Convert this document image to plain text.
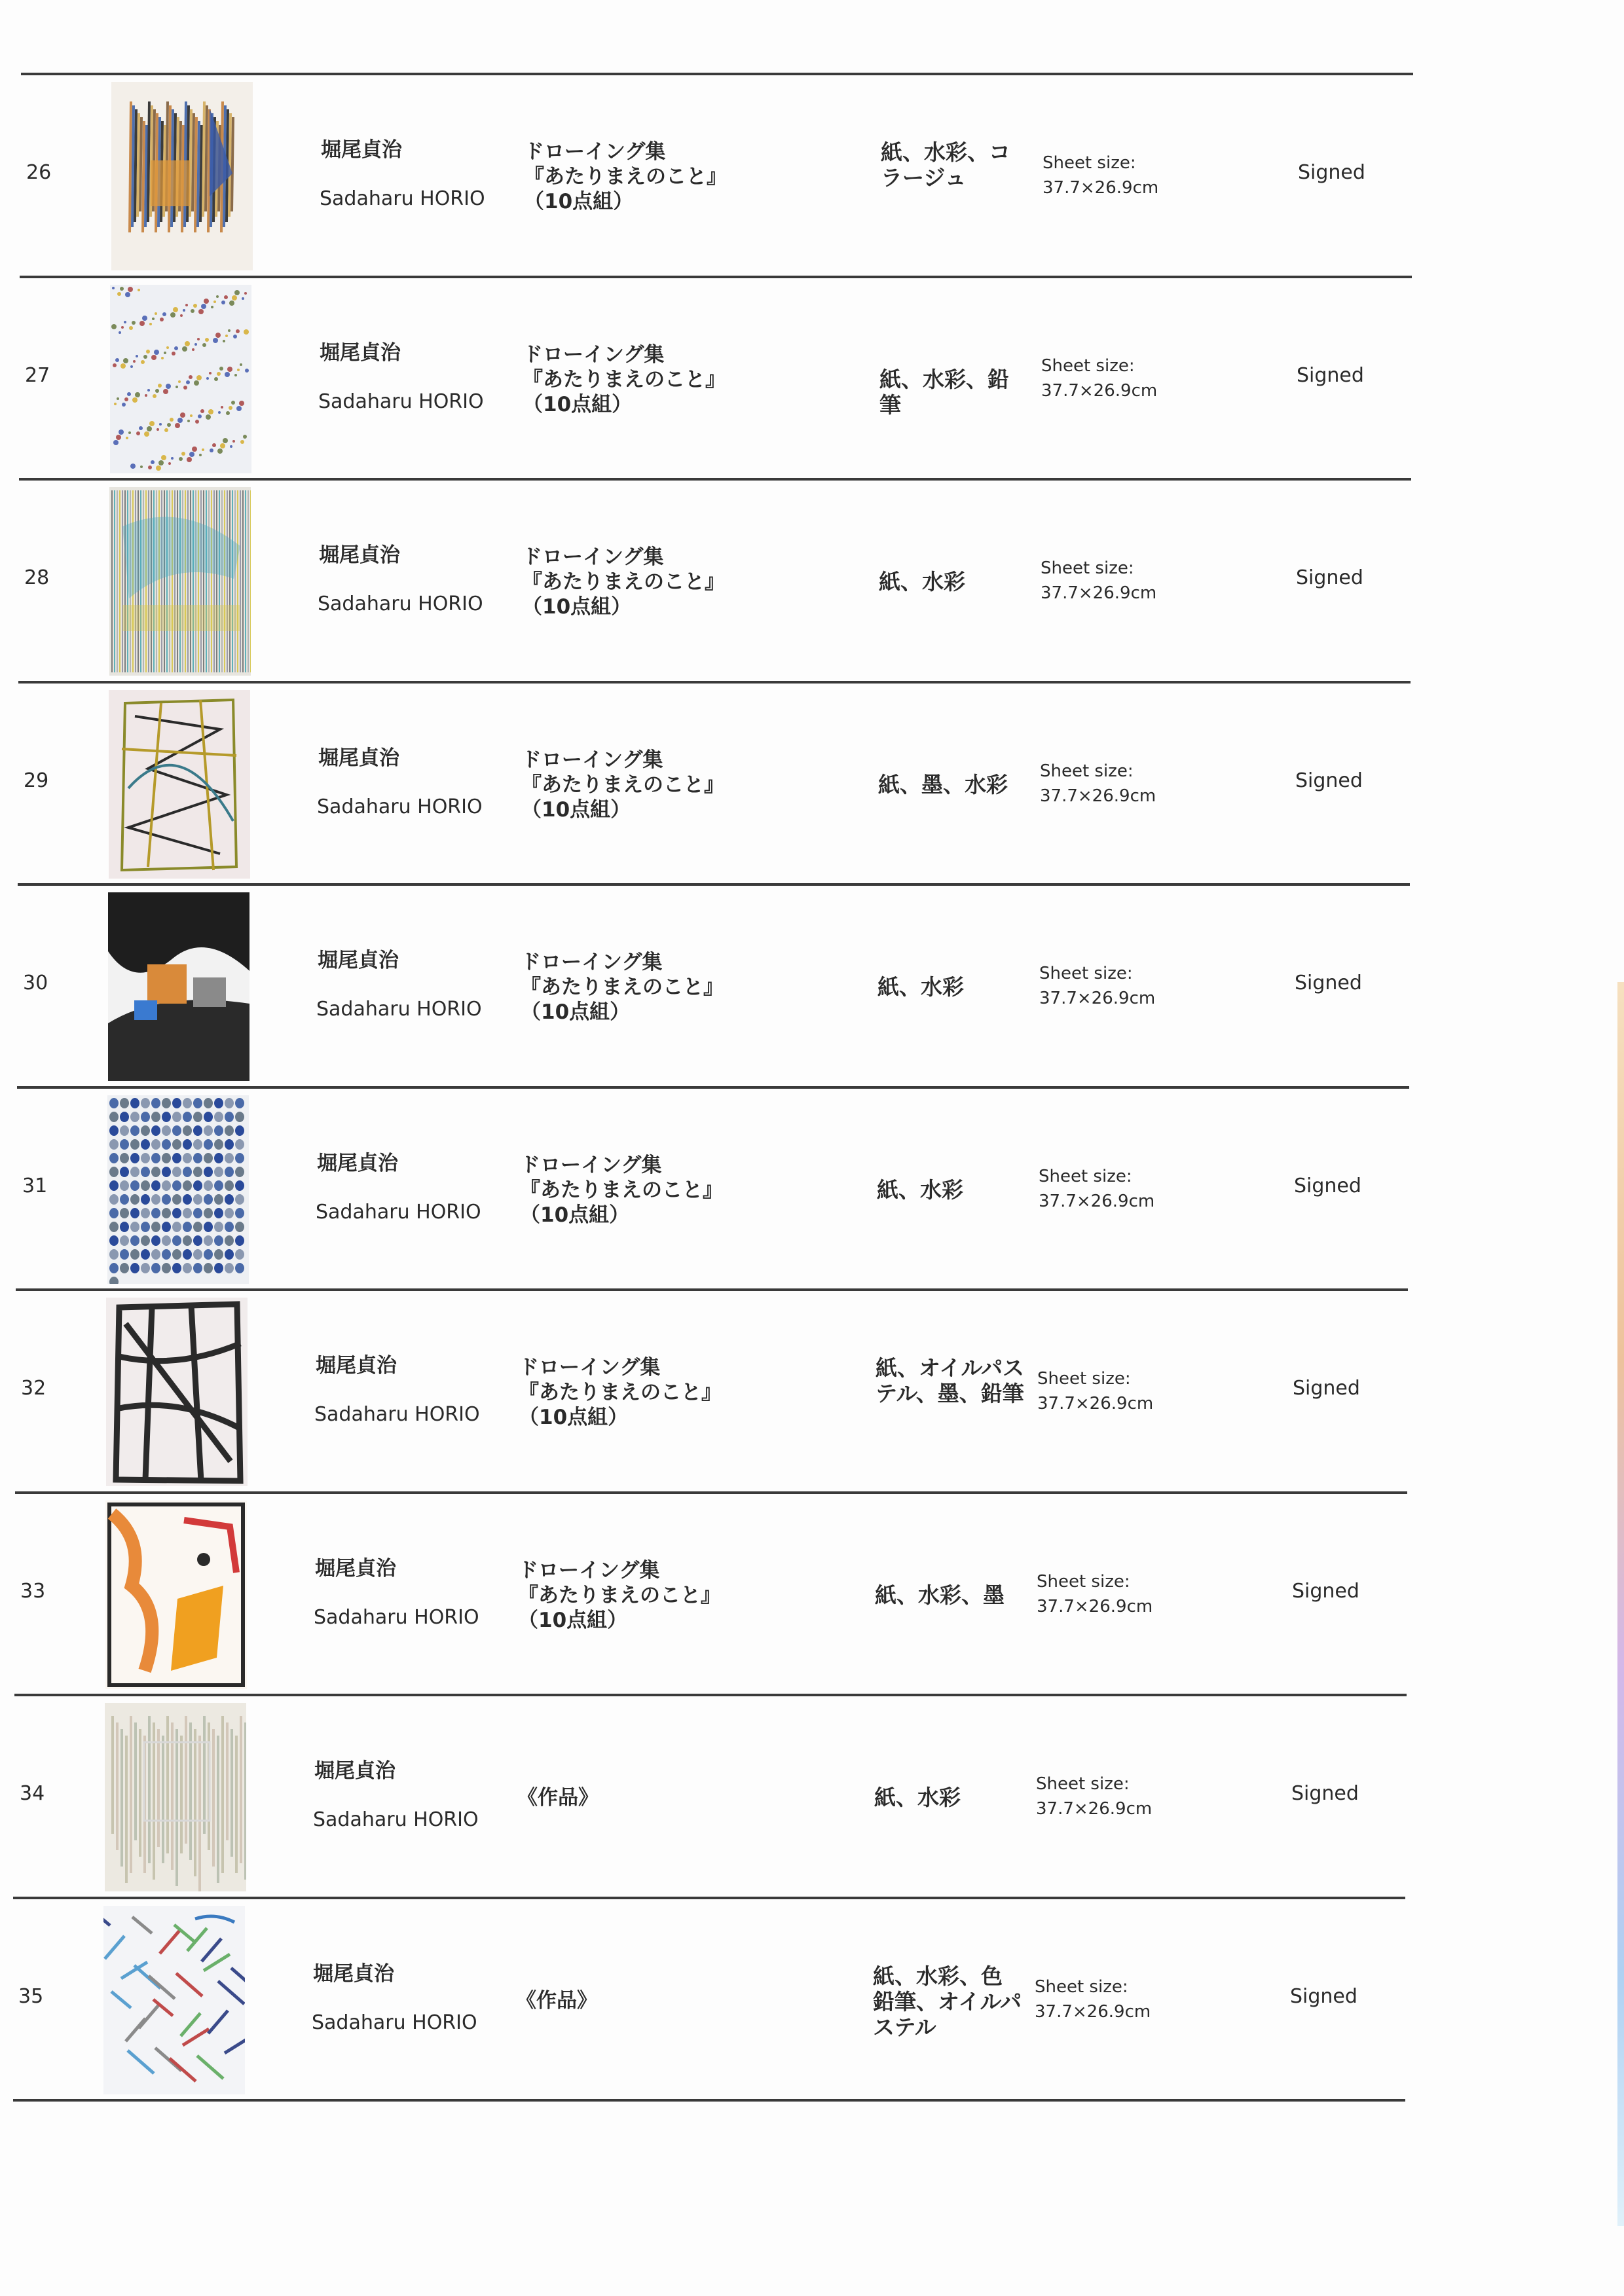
26
堀尾貞治
Sadaharu HORIO
ドローイング集
『あたりまえのこと』
（10点組）
紙、水彩、コラージュ
Sheet size:
37.7×26.9cm
Signed
27
堀尾貞治
Sadaharu HORIO
ドローイング集
『あたりまえのこと』
（10点組）
紙、水彩、鉛筆
Sheet size:
37.7×26.9cm
Signed
28
堀尾貞治
Sadaharu HORIO
ドローイング集
『あたりまえのこと』
（10点組）
紙、水彩
Sheet size:
37.7×26.9cm
Signed
29
堀尾貞治
Sadaharu HORIO
ドローイング集
『あたりまえのこと』
（10点組）
紙、墨、水彩
Sheet size:
37.7×26.9cm
Signed
30
堀尾貞治
Sadaharu HORIO
ドローイング集
『あたりまえのこと』
（10点組）
紙、水彩
Sheet size:
37.7×26.9cm
Signed
31
堀尾貞治
Sadaharu HORIO
ドローイング集
『あたりまえのこと』
（10点組）
紙、水彩
Sheet size:
37.7×26.9cm
Signed
32
堀尾貞治
Sadaharu HORIO
ドローイング集
『あたりまえのこと』
（10点組）
紙、オイルパステル、墨、鉛筆
Sheet size:
37.7×26.9cm
Signed
33
堀尾貞治
Sadaharu HORIO
ドローイング集
『あたりまえのこと』
（10点組）
紙、水彩、墨
Sheet size:
37.7×26.9cm
Signed
34
堀尾貞治
Sadaharu HORIO
《作品》	紙、水彩
Sheet size:
37.7×26.9cm
Signed
35
堀尾貞治
Sadaharu HORIO
《作品》
紙、水彩、色鉛筆、オイルパステル
Sheet size:
37.7×26.9cm
Signed
